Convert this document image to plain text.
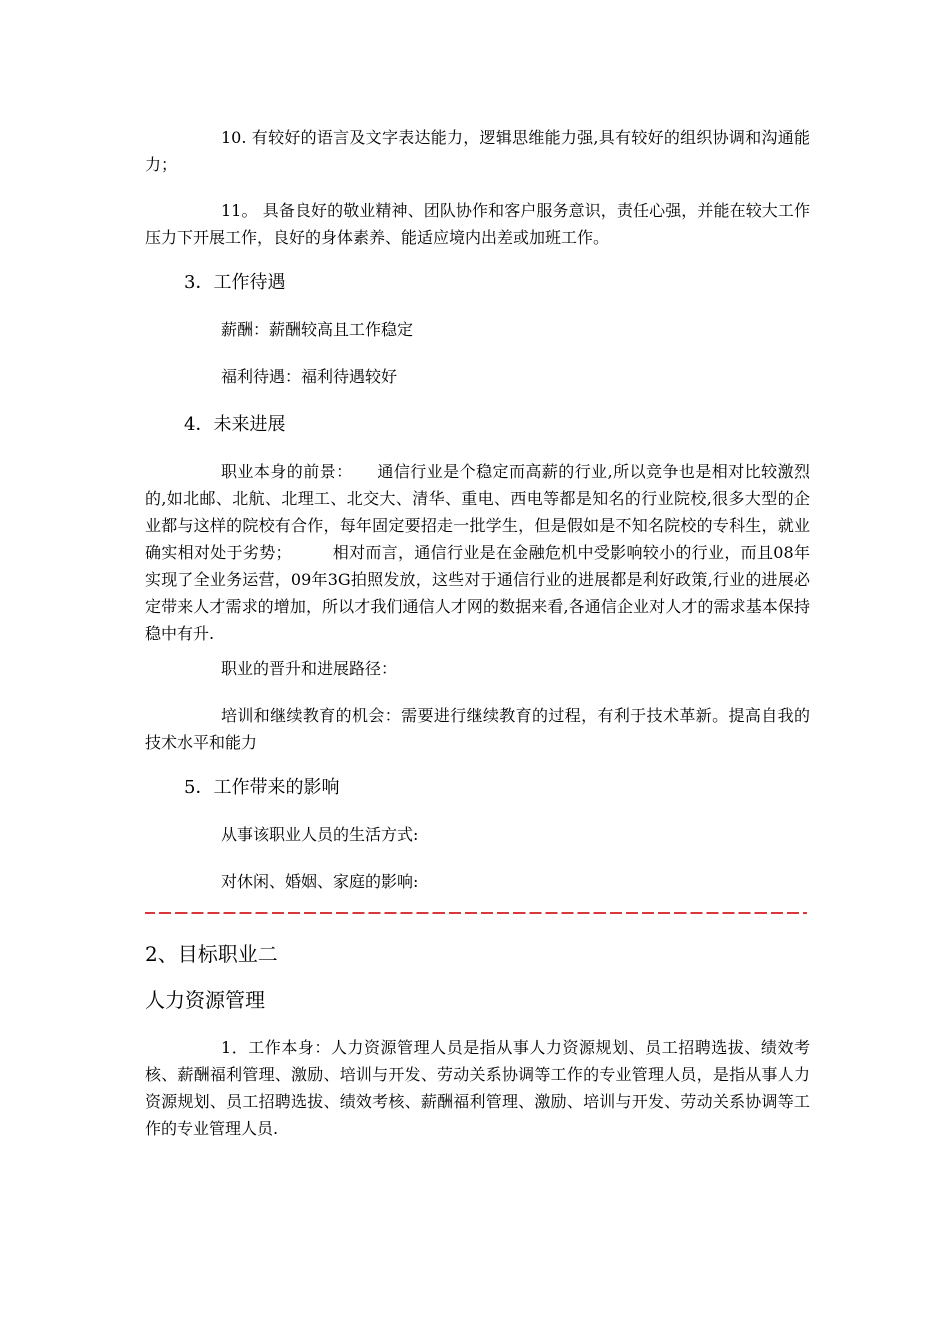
10. 有较好的语言及文字表达能力，逻辑思维能力强,具有较好的组织协调和沟通能力；

11。 具备良好的敬业精神、团队协作和客户服务意识，责任心强，并能在较大工作压力下开展工作，良好的身体素养、能适应境内出差或加班工作。

3．工作待遇

薪酬：薪酬较高且工作稳定

福利待遇：福利待遇较好

4．未来进展

职业本身的前景：　　通信行业是个稳定而高薪的行业,所以竞争也是相对比较激烈的,如北邮、北航、北理工、北交大、清华、重电、西电等都是知名的行业院校,很多大型的企业都与这样的院校有合作，每年固定要招走一批学生，但是假如是不知名院校的专科生，就业确实相对处于劣势；　　　相对而言，通信行业是在金融危机中受影响较小的行业，而且08年实现了全业务运营，09年3G拍照发放，这些对于通信行业的进展都是利好政策,行业的进展必定带来人才需求的增加，所以才我们通信人才网的数据来看,各通信企业对人才的需求基本保持稳中有升.

职业的晋升和进展路径：

培训和继续教育的机会：需要进行继续教育的过程，有利于技术革新。提高自我的技术水平和能力

5．工作带来的影响

从事该职业人员的生活方式:

对休闲、婚姻、家庭的影响:

2、目标职业二

人力资源管理

1．工作本身：人力资源管理人员是指从事人力资源规划、员工招聘选拔、绩效考核、薪酬福利管理、激励、培训与开发、劳动关系协调等工作的专业管理人员，是指从事人力资源规划、员工招聘选拔、绩效考核、薪酬福利管理、激励、培训与开发、劳动关系协调等工作的专业管理人员.
